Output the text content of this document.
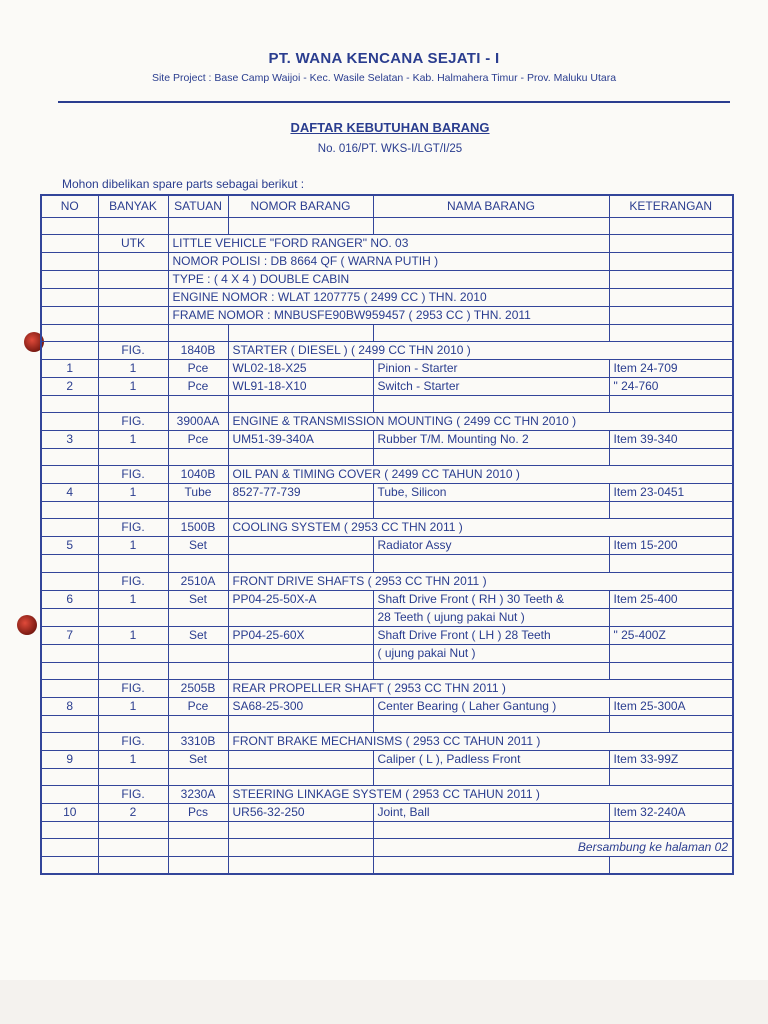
PT. WANA KENCANA SEJATI - I
Site Project : Base Camp Waijoi - Kec. Wasile Selatan - Kab. Halmahera Timur - Prov. Maluku Utara
DAFTAR KEBUTUHAN BARANG
No. 016/PT. WKS-I/LGT/I/25
Mohon dibelikan spare parts sebagai berikut :
NO	BANYAK	SATUAN	NOMOR BARANG	NAMA BARANG	KETERANGAN

	UTK	LITTLE VEHICLE "FORD RANGER" NO. 03			
		NOMOR POLISI : DB 8664 QF ( WARNA PUTIH )			
		TYPE : ( 4 X 4 ) DOUBLE CABIN			
		ENGINE NOMOR : WLAT 1207775 ( 2499 CC ) THN. 2010			
		FRAME NOMOR : MNBUSFE90BW959457 ( 2953 CC ) THN. 2011			

	FIG.	1840B	STARTER ( DIESEL ) ( 2499 CC THN 2010 )		
1	1	Pce	WL02-18-X25	Pinion - Starter	Item 24-709
2	1	Pce	WL91-18-X10	Switch - Starter	" 24-760

	FIG.	3900AA	ENGINE & TRANSMISSION MOUNTING ( 2499 CC THN 2010 )		
3	1	Pce	UM51-39-340A	Rubber T/M. Mounting No. 2	Item 39-340

	FIG.	1040B	OIL PAN & TIMING COVER ( 2499 CC TAHUN 2010 )		
4	1	Tube	8527-77-739	Tube, Silicon	Item 23-0451

	FIG.	1500B	COOLING SYSTEM ( 2953 CC THN 2011 )		
5	1	Set		Radiator Assy	Item 15-200

	FIG.	2510A	FRONT DRIVE SHAFTS ( 2953 CC THN 2011 )		
6	1	Set	PP04-25-50X-A	Shaft Drive Front ( RH ) 30 Teeth &	Item 25-400
				28 Teeth ( ujung pakai Nut )	
7	1	Set	PP04-25-60X	Shaft Drive Front ( LH ) 28 Teeth	" 25-400Z
				( ujung pakai Nut )	

	FIG.	2505B	REAR PROPELLER SHAFT ( 2953 CC THN 2011 )		
8	1	Pce	SA68-25-300	Center Bearing ( Laher Gantung )	Item 25-300A

	FIG.	3310B	FRONT BRAKE MECHANISMS ( 2953 CC TAHUN 2011 )		
9	1	Set		Caliper ( L ), Padless Front	Item 33-99Z

	FIG.	3230A	STEERING LINKAGE SYSTEM ( 2953 CC TAHUN 2011 )		
10	2	Pcs	UR56-32-250	Joint, Ball	Item 32-240A

				Bersambung ke halaman 02	
